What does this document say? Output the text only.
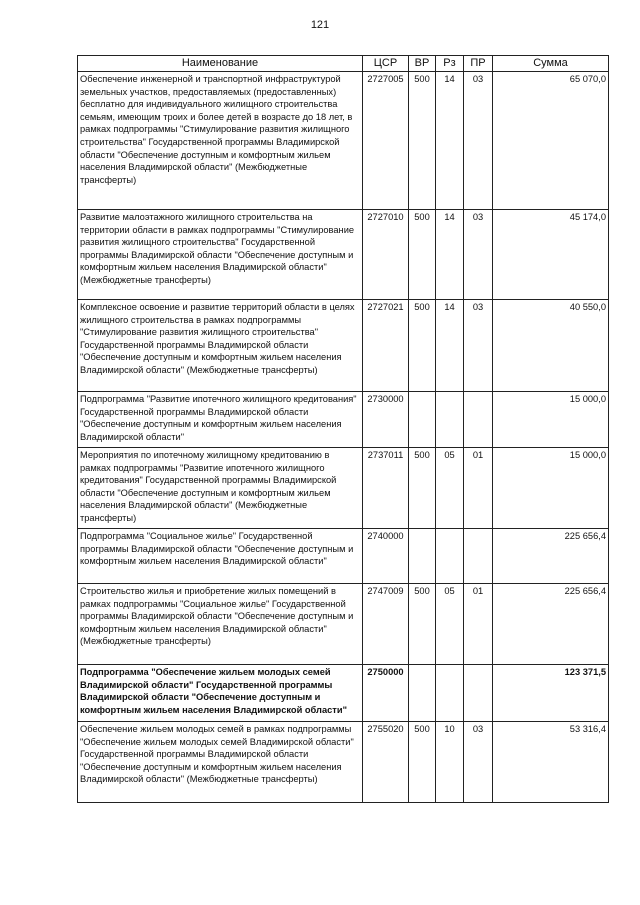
121
Наименование	ЦСР	ВР	Рз	ПР	Сумма
Обеспечение инженерной и транспортной инфраструктурой земельных участков, предоставляемых (предоставленных) бесплатно для индивидуального жилищного строительства семьям, имеющим троих и более детей в возрасте до 18 лет, в рамках подпрограммы "Стимулирование развития жилищного строительства" Государственной программы Владимирской области "Обеспечение доступным и комфортным жильем населения Владимирской области" (Межбюджетные трансферты)	2727005	500	14	03	65 070,0
Развитие малоэтажного жилищного строительства на территории области в рамках подпрограммы "Стимулирование развития жилищного строительства" Государственной программы Владимирской области "Обеспечение доступным и комфортным жильем населения Владимирской области" (Межбюджетные трансферты)	2727010	500	14	03	45 174,0
Комплексное освоение и развитие территорий области в целях жилищного строительства в рамках подпрограммы "Стимулирование развития жилищного строительства" Государственной программы Владимирской области "Обеспечение доступным и комфортным жильем населения Владимирской области" (Межбюджетные трансферты)	2727021	500	14	03	40 550,0
Подпрограмма "Развитие ипотечного жилищного кредитования" Государственной программы Владимирской области "Обеспечение доступным и комфортным жильем населения Владимирской области"	2730000				15 000,0
Мероприятия по ипотечному жилищному кредитованию в рамках подпрограммы "Развитие ипотечного жилищного кредитования" Государственной программы Владимирской области "Обеспечение доступным и комфортным жильем населения Владимирской области" (Межбюджетные трансферты)	2737011	500	05	01	15 000,0
Подпрограмма "Социальное жилье" Государственной программы Владимирской области "Обеспечение доступным и комфортным жильем населения Владимирской области"	2740000				225 656,4
Строительство жилья и приобретение жилых помещений в рамках подпрограммы "Социальное жилье" Государственной программы Владимирской области "Обеспечение доступным и комфортным жильем населения Владимирской области" (Межбюджетные трансферты)	2747009	500	05	01	225 656,4
Подпрограмма "Обеспечение жильем молодых семей Владимирской области" Государственной программы Владимирской области "Обеспечение доступным и комфортным жильем населения Владимирской области"	2750000				123 371,5
Обеспечение жильем молодых семей в рамках подпрограммы "Обеспечение жильем молодых семей Владимирской области" Государственной программы Владимирской области "Обеспечение доступным и комфортным жильем населения Владимирской области" (Межбюджетные трансферты)	2755020	500	10	03	53 316,4
